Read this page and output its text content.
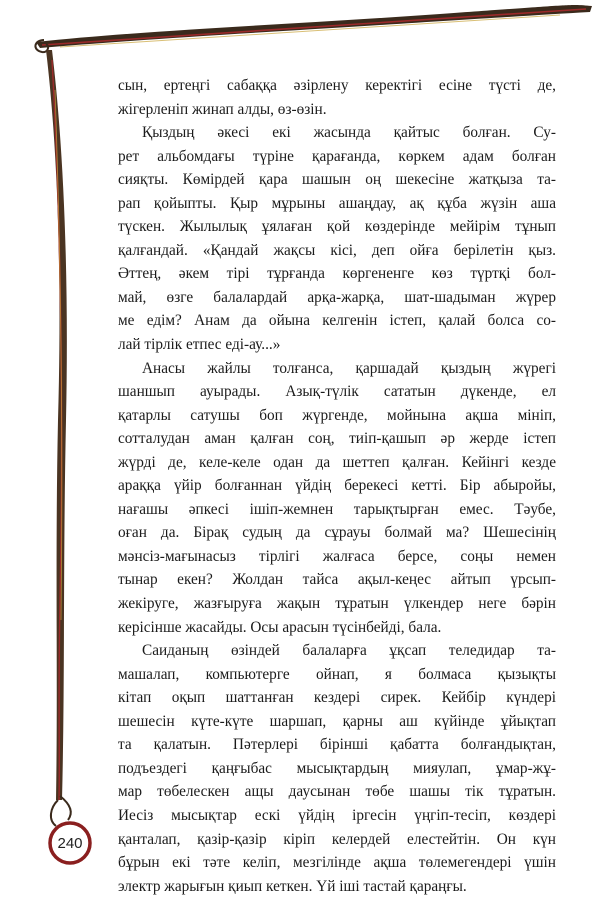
сын, ертеңгі сабаққа әзірлену керектігі есіне түсті де,
жігерленіп жинап алды, өз-өзін.

Қыздың әкесі екі жасында қайтыс болған. Су-
рет альбомдағы түріне қарағанда, көркем адам болған
сияқты. Көмірдей қара шашын оң шекесіне жатқыза та-
рап қойыпты. Қыр мұрыны ашаңдау, ақ құба жүзін аша
түскен. Жылылық ұялаған қой көздерінде мейірім тұнып
қалғандай. «Қандай жақсы кісі, деп ойға берілетін қыз.
Әттең, әкем тірі тұрғанда көргененге көз түртқі бол-
май, өзге балалардай арқа-жарқа, шат-шадыман жүрер
ме едім? Анам да ойына келгенін істеп, қалай болса со-
лай тірлік етпес еді-ау...»

Анасы жайлы толғанса, қаршадай қыздың жүрегі
шаншып ауырады. Азық-түлік сататын дүкенде, ел
қатарлы сатушы боп жүргенде, мойнына ақша мініп,
сотталудан аман қалған соң, тиіп-қашып әр жерде істеп
жүрді де, келе-келе одан да шеттеп қалған. Кейінгі кезде
араққа үйір болғаннан үйдің берекесі кетті. Бір абыройы,
нағашы әпкесі ішіп-жемнен тарықтырған емес. Тәубе,
оған да. Бірақ судың да сұрауы болмай ма? Шешесінің
мәнсіз-мағынасыз тірлігі жалғаса берсе, соңы немен
тынар екен? Жолдан тайса ақыл-кеңес айтып үрсып-
жекіруге, жазғыруға жақын тұратын үлкендер неге бәрін
керісінше жасайды. Осы арасын түсінбейді, бала.

Саиданың өзіндей балаларға ұқсап теледидар та-
машалап, компьютерге ойнап, я болмаса қызықты
кітап оқып шаттанған кездері сирек. Кейбір күндері
шешесін күте-күте шаршап, қарны аш күйінде ұйықтап
та қалатын. Пәтерлері бірінші қабатта болғандықтан,
подъездегі қаңғыбас мысықтардың мияулап, ұмар-жұ-
мар төбелескен ащы даусынан төбе шашы тік тұратын.
Иесіз мысықтар ескі үйдің іргесін үңгіп-тесіп, көздері
қанталап, қазір-қазір кіріп келердей елестейтін. Он күн
бұрын екі тәте келіп, мезгілінде ақша төлемегендері үшін
электр жарығын қиып кеткен. Үй іші тастай қараңғы.

240
